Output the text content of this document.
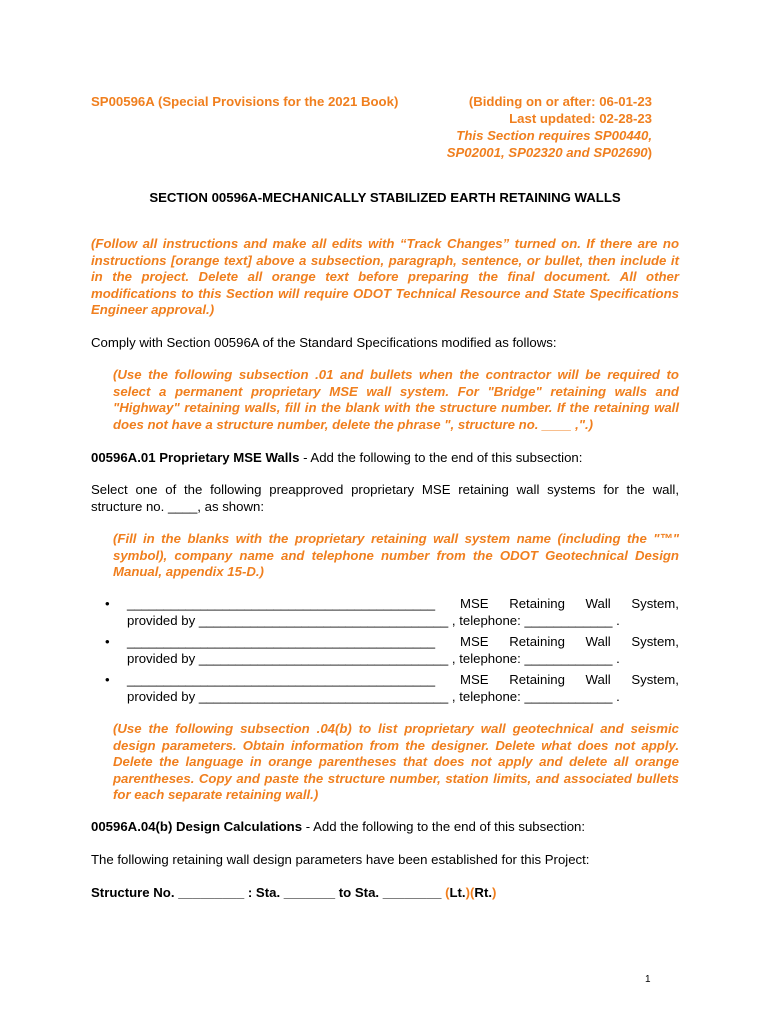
SP00596A (Special Provisions for the 2021 Book)	(Bidding on or after: 06-01-23
Last updated: 02-28-23
This Section requires SP00440,
SP02001, SP02320 and SP02690)
SECTION 00596A-MECHANICALLY STABILIZED EARTH RETAINING WALLS
(Follow all instructions and make all edits with “Track Changes” turned on. If there are no instructions [orange text] above a subsection, paragraph, sentence, or bullet, then include it in the project. Delete all orange text before preparing the final document. All other modifications to this Section will require ODOT Technical Resource and State Specifications Engineer approval.)
Comply with Section 00596A of the Standard Specifications modified as follows:
(Use the following subsection .01 and bullets when the contractor will be required to select a permanent proprietary MSE wall system. For "Bridge" retaining walls and "Highway" retaining walls, fill in the blank with the structure number. If the retaining wall does not have a structure number, delete the phrase ", structure no. ____ ,".)
00596A.01 Proprietary MSE Walls - Add the following to the end of this subsection:
Select one of the following preapproved proprietary MSE retaining wall systems for the wall, structure no. ____, as shown:
(Fill in the blanks with the proprietary retaining wall system name (including the "™" symbol), company name and telephone number from the ODOT Geotechnical Design Manual, appendix 15-D.)
• __________________________________________ MSE Retaining Wall System,
provided by __________________________________ , telephone: ____________ .
• __________________________________________ MSE Retaining Wall System,
provided by __________________________________ , telephone: ____________ .
• __________________________________________ MSE Retaining Wall System,
provided by __________________________________ , telephone: ____________ .
(Use the following subsection .04(b) to list proprietary wall geotechnical and seismic design parameters. Obtain information from the designer. Delete what does not apply. Delete the language in orange parentheses that does not apply and delete all orange parentheses. Copy and paste the structure number, station limits, and associated bullets for each separate retaining wall.)
00596A.04(b) Design Calculations - Add the following to the end of this subsection:
The following retaining wall design parameters have been established for this Project:
Structure No. _________ : Sta. _______ to Sta. ________ (Lt.)(Rt.)
1
